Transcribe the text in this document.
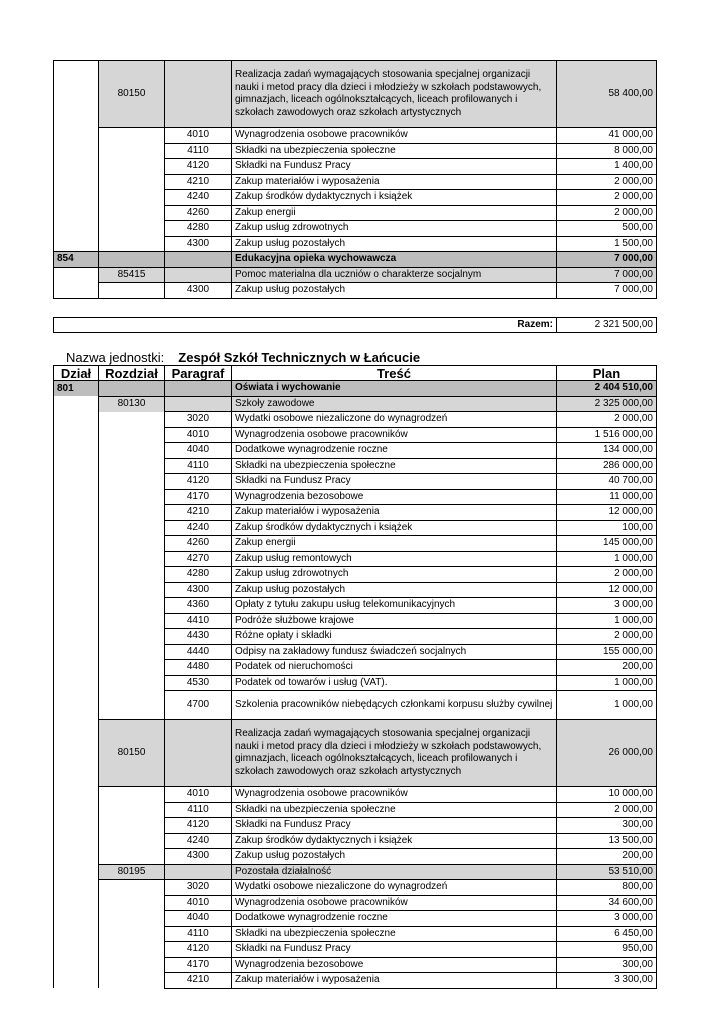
	80150		Realizacja zadań wymagających stosowania specjalnej organizacji nauki i metod pracy dla dzieci i młodzieży w szkołach podstawowych, gimnazjach, liceach ogólnokształcących, liceach profilowanych i szkołach zawodowych oraz szkołach artystycznych	58 400,00
		4010	Wynagrodzenia osobowe pracowników	41 000,00
		4110	Składki na ubezpieczenia społeczne	8 000,00
		4120	Składki na Fundusz Pracy	1 400,00
		4210	Zakup materiałów i wyposażenia	2 000,00
		4240	Zakup środków dydaktycznych i książek	2 000,00
		4260	Zakup energii	2 000,00
		4280	Zakup usług zdrowotnych	500,00
		4300	Zakup usług pozostałych	1 500,00
854			Edukacyjna opieka wychowawcza	7 000,00
	85415		Pomoc materialna dla uczniów o charakterze socjalnym	7 000,00
		4300	Zakup usług pozostałych	7 000,00
Razem:	2 321 500,00
Nazwa jednostki: Zespół Szkół Technicznych w Łańcucie
Dział	Rozdział	Paragraf	Treść	Plan
801			Oświata i wychowanie	2 404 510,00
	80130		Szkoły zawodowe	2 325 000,00
		3020	Wydatki osobowe niezaliczone do wynagrodzeń	2 000,00
		4010	Wynagrodzenia osobowe pracowników	1 516 000,00
		4040	Dodatkowe wynagrodzenie roczne	134 000,00
		4110	Składki na ubezpieczenia społeczne	286 000,00
		4120	Składki na Fundusz Pracy	40 700,00
		4170	Wynagrodzenia bezosobowe	11 000,00
		4210	Zakup materiałów i wyposażenia	12 000,00
		4240	Zakup środków dydaktycznych i książek	100,00
		4260	Zakup energii	145 000,00
		4270	Zakup usług remontowych	1 000,00
		4280	Zakup usług zdrowotnych	2 000,00
		4300	Zakup usług pozostałych	12 000,00
		4360	Opłaty z tytułu zakupu usług telekomunikacyjnych	3 000,00
		4410	Podróże służbowe krajowe	1 000,00
		4430	Różne opłaty i składki	2 000,00
		4440	Odpisy na zakładowy fundusz świadczeń socjalnych	155 000,00
		4480	Podatek od nieruchomości	200,00
		4530	Podatek od towarów i usług (VAT).	1 000,00
		4700	Szkolenia pracowników niebędących członkami korpusu służby cywilnej	1 000,00
	80150		Realizacja zadań wymagających stosowania specjalnej organizacji nauki i metod pracy dla dzieci i młodzieży w szkołach podstawowych, gimnazjach, liceach ogólnokształcących, liceach profilowanych i szkołach zawodowych oraz szkołach artystycznych	26 000,00
		4010	Wynagrodzenia osobowe pracowników	10 000,00
		4110	Składki na ubezpieczenia społeczne	2 000,00
		4120	Składki na Fundusz Pracy	300,00
		4240	Zakup środków dydaktycznych i książek	13 500,00
		4300	Zakup usług pozostałych	200,00
	80195		Pozostała działalność	53 510,00
		3020	Wydatki osobowe niezaliczone do wynagrodzeń	800,00
		4010	Wynagrodzenia osobowe pracowników	34 600,00
		4040	Dodatkowe wynagrodzenie roczne	3 000,00
		4110	Składki na ubezpieczenia społeczne	6 450,00
		4120	Składki na Fundusz Pracy	950,00
		4170	Wynagrodzenia bezosobowe	300,00
		4210	Zakup materiałów i wyposażenia	3 300,00
